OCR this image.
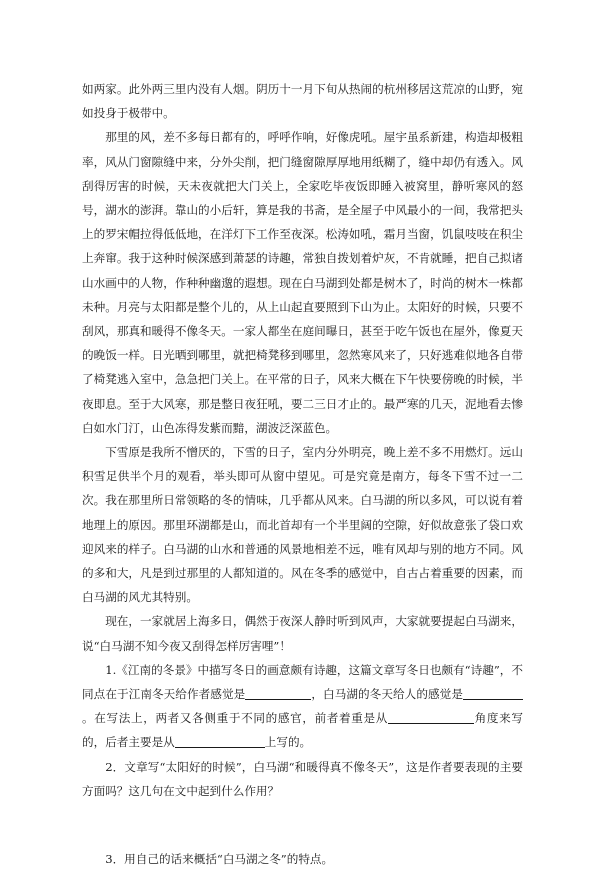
如两家。此外两三里内没有人烟。阴历十一月下旬从热闹的杭州移居这荒凉的山野，宛如投身于极带中。

那里的风，差不多每日都有的，呼呼作响，好像虎吼。屋宇虽系新建，构造却极粗率，风从门窗隙缝中来，分外尖削，把门缝窗隙厚厚地用纸糊了，缝中却仍有透入。风刮得厉害的时候，天未夜就把大门关上，全家吃毕夜饭即睡入被窝里，静听寒风的怒号，湖水的澎湃。靠山的小后轩，算是我的书斋，是全屋子中风最小的一间，我常把头上的罗宋帽拉得低低地，在洋灯下工作至夜深。松涛如吼，霜月当窗，饥鼠吱吱在积尘上奔窜。我于这种时候深感到萧瑟的诗趣，常独自拨划着炉灰，不肯就睡，把自己拟诸山水画中的人物，作种种幽邈的遐想。现在白马湖到处都是树木了，时尚的树木一株都未种。月亮与太阳都是整个儿的，从上山起直要照到下山为止。太阳好的时候，只要不刮风，那真和暖得不像冬天。一家人都坐在庭间曝日，甚至于吃午饭也在屋外，像夏天的晚饭一样。日光晒到哪里，就把椅凳移到哪里，忽然寒风来了，只好逃难似地各自带了椅凳逃入室中，急急把门关上。在平常的日子，风来大概在下午快要傍晚的时候，半夜即息。至于大风寒，那是整日夜狂吼，要二三日才止的。最严寒的几天，泥地看去惨白如水门汀，山色冻得发紫而黯，湖波泛深蓝色。

下雪原是我所不憎厌的，下雪的日子，室内分外明亮，晚上差不多不用燃灯。远山积雪足供半个月的观看，举头即可从窗中望见。可是究竟是南方，每冬下雪不过一二次。我在那里所日常领略的冬的情味，几乎都从风来。白马湖的所以多风，可以说有着地理上的原因。那里环湖都是山，而北首却有一个半里阔的空隙，好似故意张了袋口欢迎风来的样子。白马湖的山水和普通的风景地相差不远，唯有风却与别的地方不同。风的多和大，凡是到过那里的人都知道的。风在冬季的感觉中，自古占着重要的因素，而白马湖的风尤其特别。

现在，一家就居上海多日，偶然于夜深人静时听到风声，大家就要提起白马湖来，说“白马湖不知今夜又刮得怎样厉害哩”！

1.《江南的冬景》中描写冬日的画意颇有诗趣，这篇文章写冬日也颇有“诗趣”，不同点在于江南冬天给作者感觉是	，白马湖的冬天给人的感觉是。在写法上，两者又各侧重于不同的感官，前者着重是从	角度来写的，后者主要是从	上写的。

2．文章写“太阳好的时候”，白马湖“和暖得真不像冬天”，这是作者要表现的主要方面吗？这几句在文中起到什么作用？

3．用自己的话来概括“白马湖之冬”的特点。
